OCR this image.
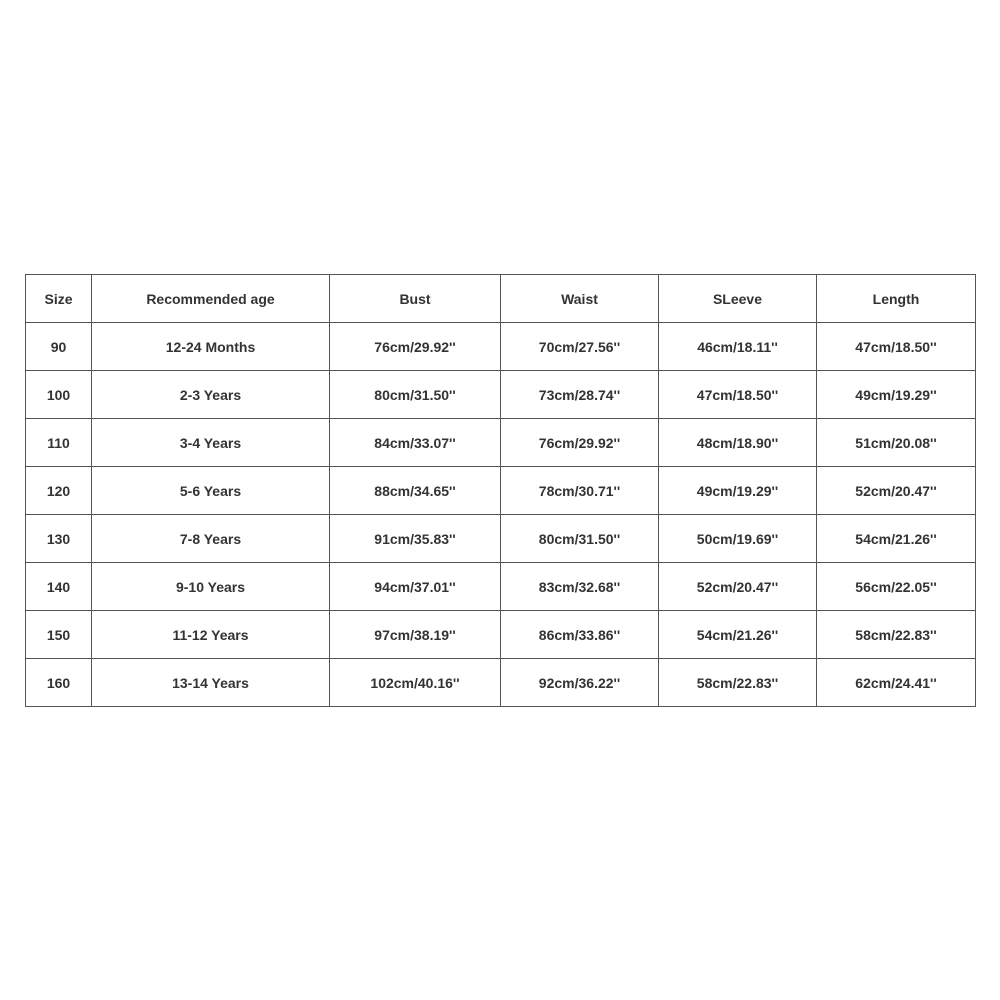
Size	Recommended age	Bust	Waist	SLeeve	Length
90	12-24 Months	76cm/29.92''	70cm/27.56''	46cm/18.11''	47cm/18.50''
100	2-3 Years	80cm/31.50''	73cm/28.74''	47cm/18.50''	49cm/19.29''
110	3-4 Years	84cm/33.07''	76cm/29.92''	48cm/18.90''	51cm/20.08''
120	5-6 Years	88cm/34.65''	78cm/30.71''	49cm/19.29''	52cm/20.47''
130	7-8 Years	91cm/35.83''	80cm/31.50''	50cm/19.69''	54cm/21.26''
140	9-10 Years	94cm/37.01''	83cm/32.68''	52cm/20.47''	56cm/22.05''
150	11-12 Years	97cm/38.19''	86cm/33.86''	54cm/21.26''	58cm/22.83''
160	13-14 Years	102cm/40.16''	92cm/36.22''	58cm/22.83''	62cm/24.41''
